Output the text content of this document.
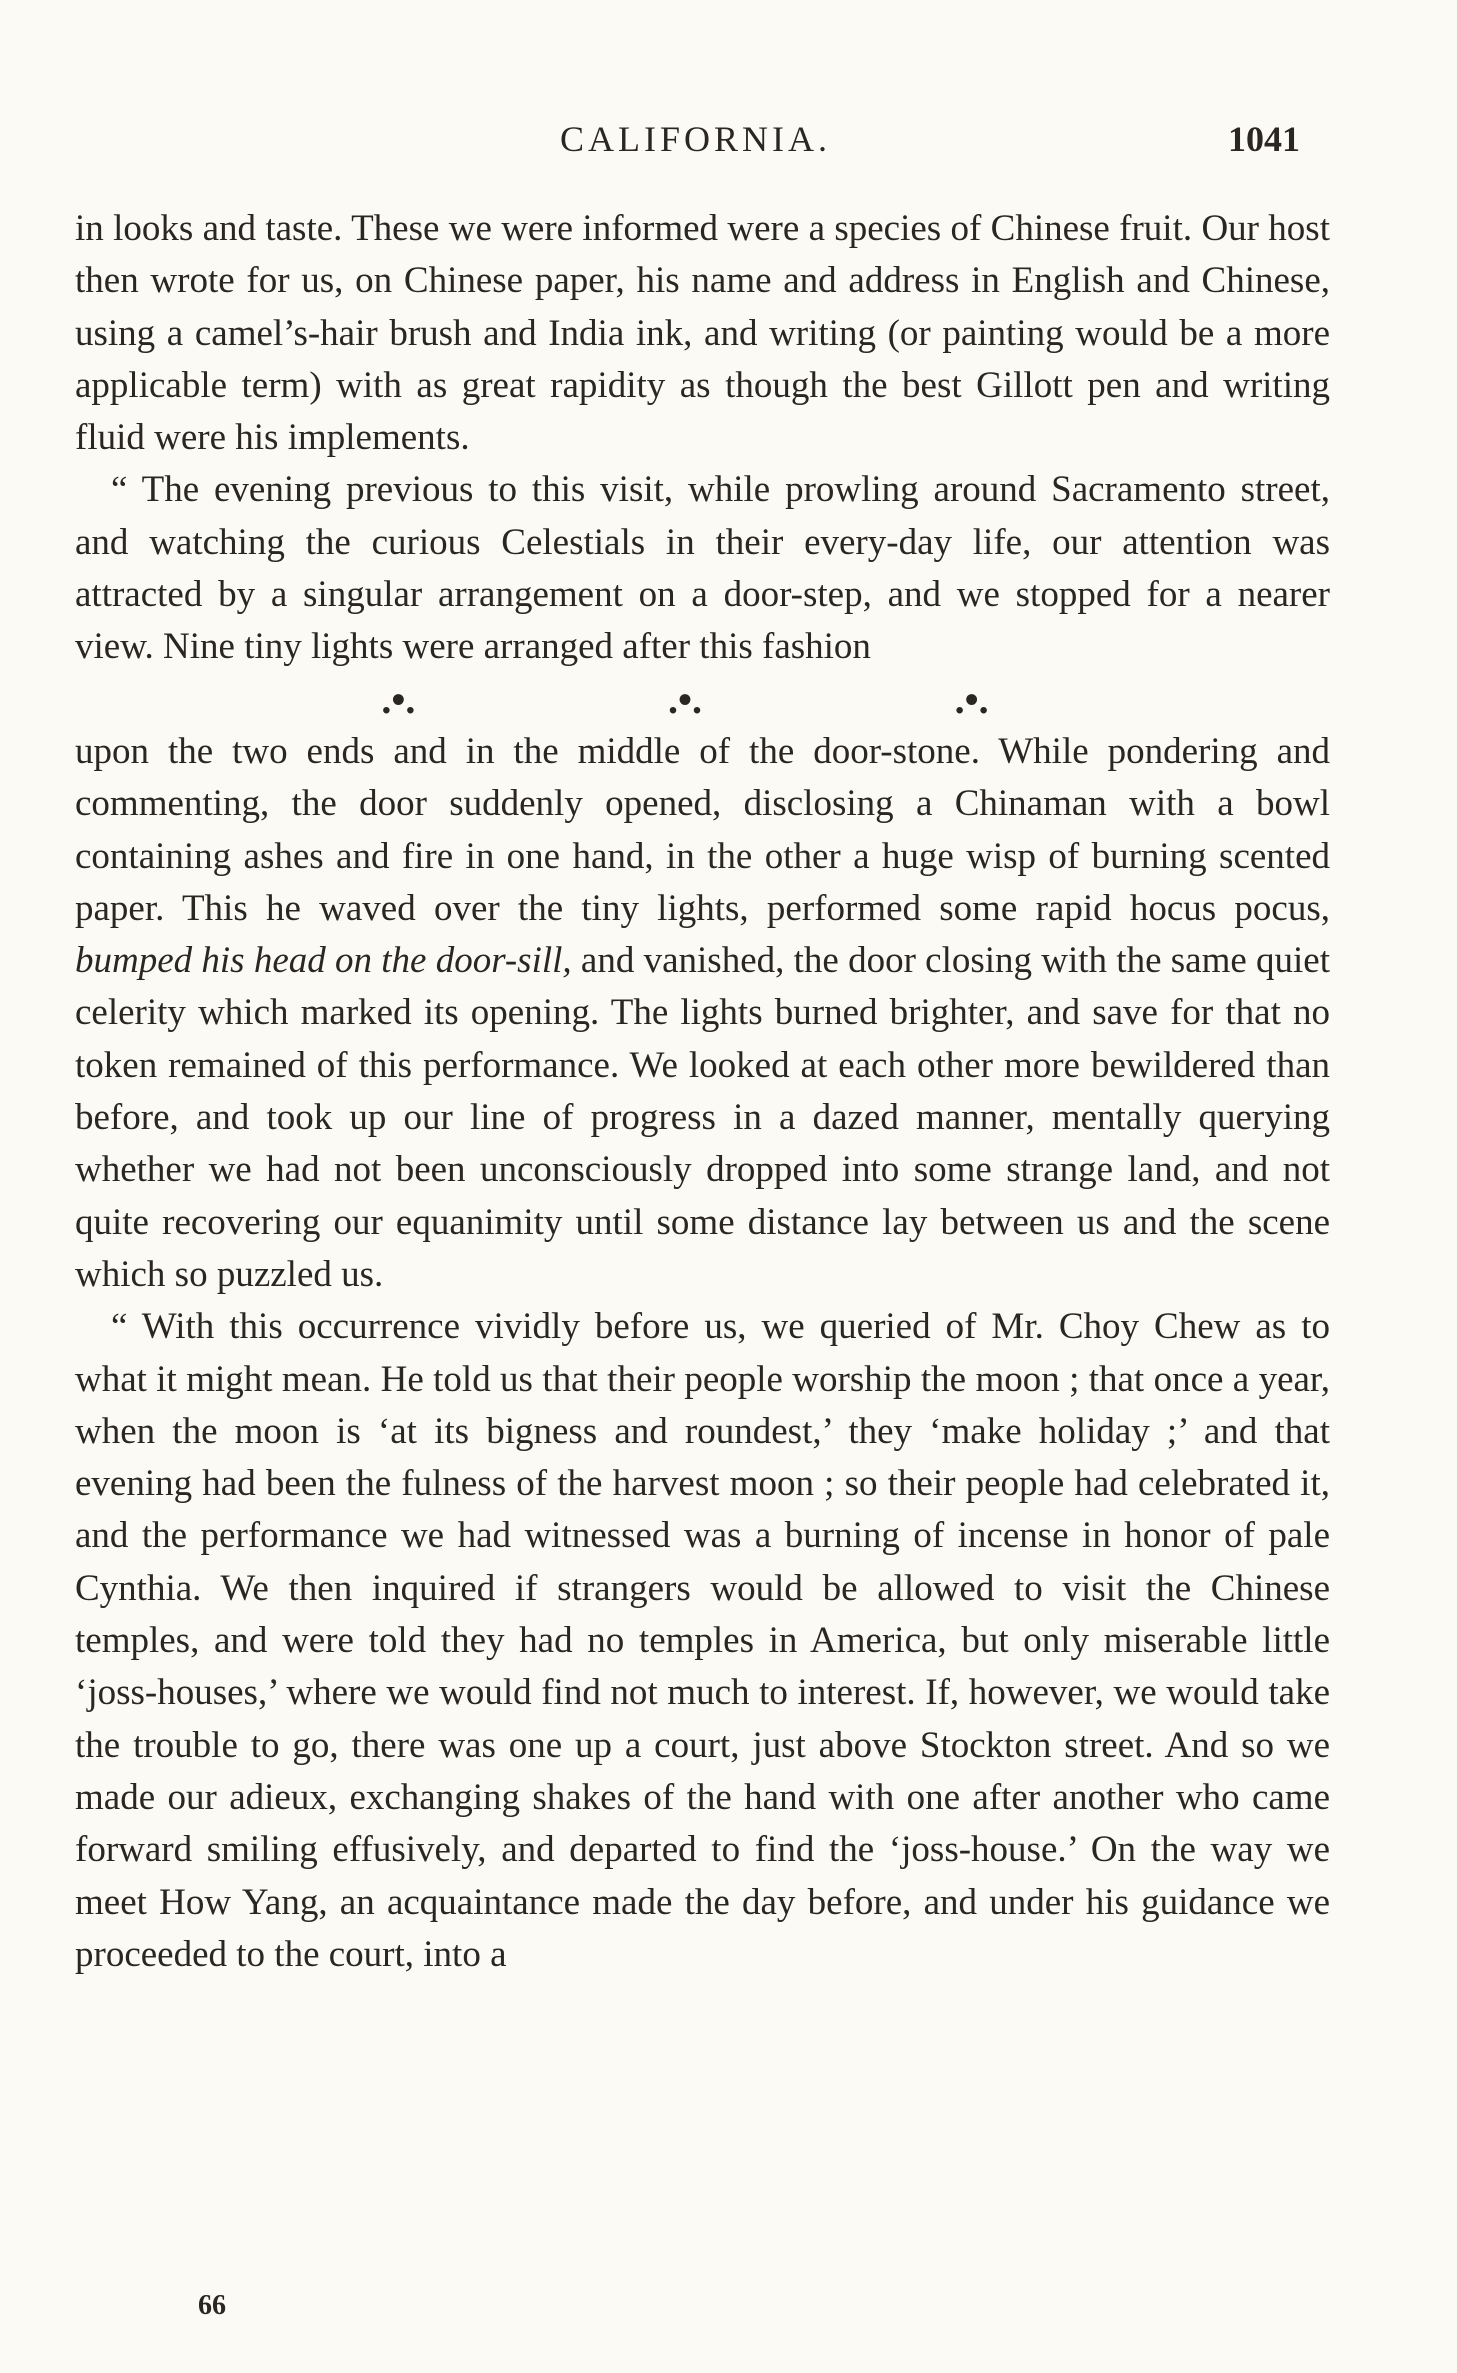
CALIFORNIA.	1041

in looks and taste. These we were informed were a species of Chinese fruit. Our host then wrote for us, on Chinese paper, his name and address in English and Chinese, using a camel’s-hair brush and India ink, and writing (or painting would be a more applicable term) with as great rapidity as though the best Gillott pen and writing fluid were his implements.

“ The evening previous to this visit, while prowling around Sacramento street, and watching the curious Celestials in their every-day life, our attention was attracted by a singular arrangement on a door-step, and we stopped for a nearer view. Nine tiny lights were arranged after this fashion

.•.	.•.	.•.

upon the two ends and in the middle of the door-stone. While pondering and commenting, the door suddenly opened, disclosing a Chinaman with a bowl containing ashes and fire in one hand, in the other a huge wisp of burning scented paper. This he waved over the tiny lights, performed some rapid hocus pocus, bumped his head on the door-sill, and vanished, the door closing with the same quiet celerity which marked its opening. The lights burned brighter, and save for that no token remained of this performance. We looked at each other more bewildered than before, and took up our line of progress in a dazed manner, mentally querying whether we had not been unconsciously dropped into some strange land, and not quite recovering our equanimity until some distance lay between us and the scene which so puzzled us.

“ With this occurrence vividly before us, we queried of Mr. Choy Chew as to what it might mean. He told us that their people worship the moon ; that once a year, when the moon is ‘at its bigness and roundest,’ they ‘make holiday ;’ and that evening had been the fulness of the harvest moon ; so their people had celebrated it, and the performance we had witnessed was a burning of incense in honor of pale Cynthia. We then inquired if strangers would be allowed to visit the Chinese temples, and were told they had no temples in America, but only miserable little ‘joss-houses,’ where we would find not much to interest. If, however, we would take the trouble to go, there was one up a court, just above Stockton street. And so we made our adieux, exchanging shakes of the hand with one after another who came forward smiling effusively, and departed to find the ‘joss-house.’ On the way we meet How Yang, an acquaintance made the day before, and under his guidance we proceeded to the court, into a

66
